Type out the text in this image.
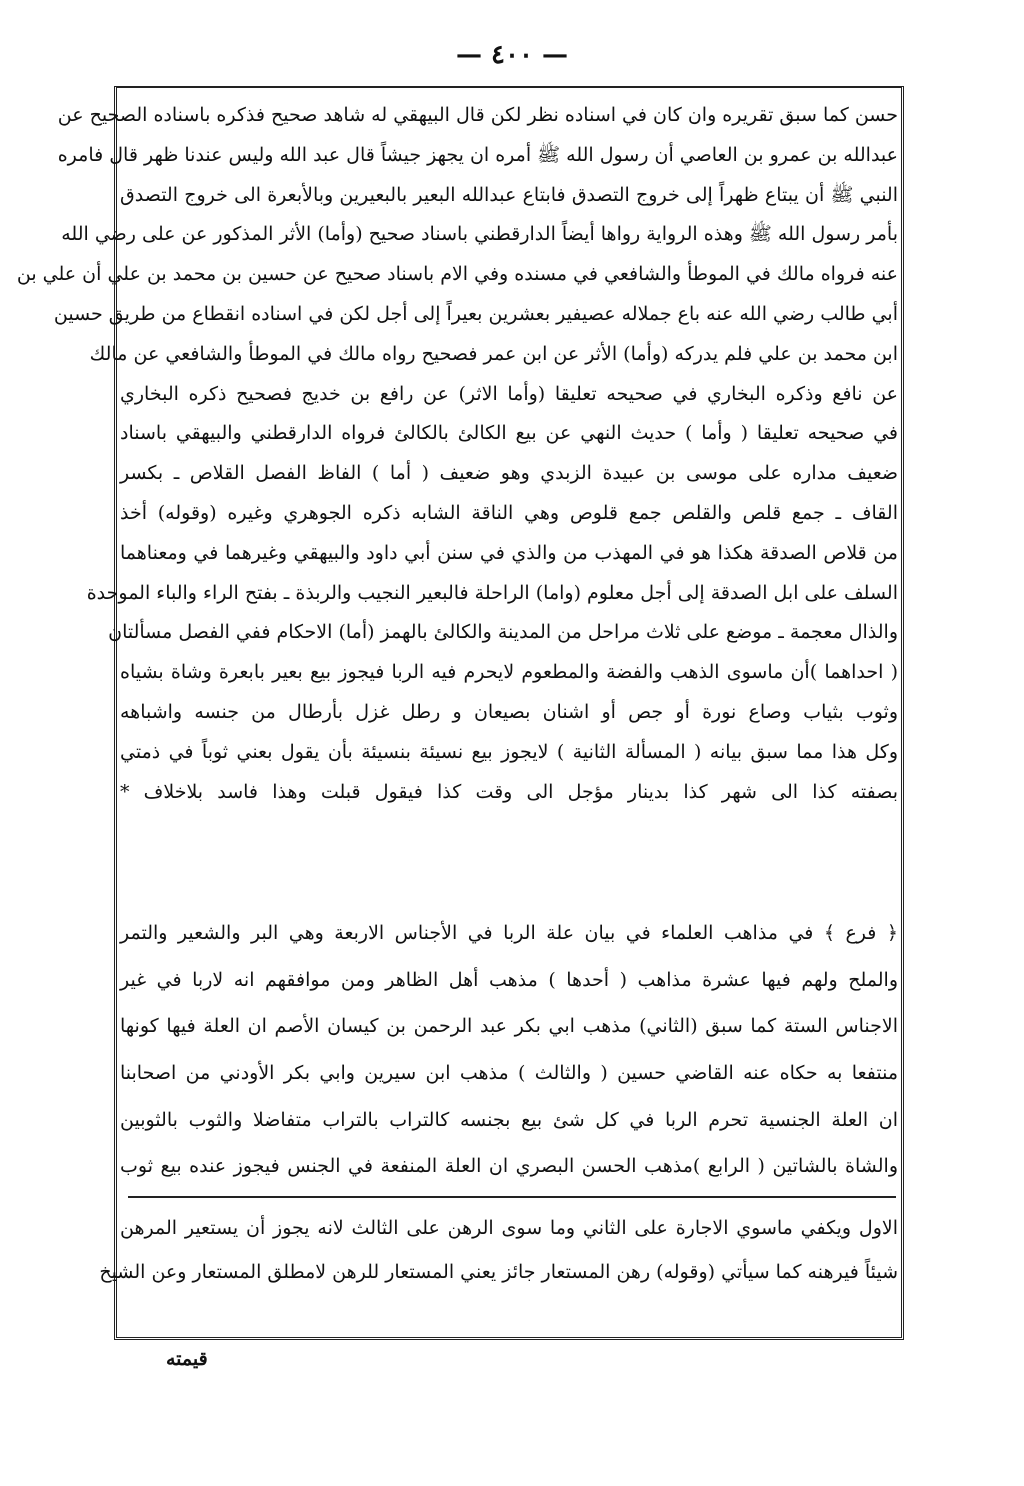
— ٤٠٠ —
حسن كما سبق تقريره وان كان في اسناده نظر لكن قال البيهقي له شاهد صحيح فذكره باسناده الصحيح عن
عبدالله بن عمرو بن العاصي أن رسول الله ﷺ أمره ان يجهز جيشاً قال عبد الله وليس عندنا ظهر قال فامره
النبي ﷺ أن يبتاع ظهراً إلى خروج التصدق فابتاع عبدالله البعير بالبعيرين وبالأبعرة الى خروج التصدق
بأمر رسول الله ﷺ وهذه الرواية رواها أيضاً الدارقطني باسناد صحيح (وأما) الأثر المذكور عن على رضي الله
عنه فرواه مالك في الموطأ والشافعي في مسنده وفي الام باسناد صحيح عن حسين بن محمد بن علي أن علي بن
أبي طالب رضي الله عنه باع جملاله عصيفير بعشرين بعيراً إلى أجل لكن في اسناده انقطاع من طريق حسين
ابن محمد بن علي فلم يدركه (وأما) الأثر عن ابن عمر فصحيح رواه مالك في الموطأ والشافعي عن مالك
عن نافع وذكره البخاري في صحيحه تعليقا (وأما الاثر) عن رافع بن خديج فصحيح ذكره البخاري
في صحيحه تعليقا ( وأما ) حديث النهي عن بيع الكالئ بالكالئ فرواه الدارقطني والبيهقي باسناد
ضعيف مداره على موسى بن عبيدة الزبدي وهو ضعيف ( أما ) الفاظ الفصل القلاص ـ بكسر
القاف ـ جمع قلص والقلص جمع قلوص وهي الناقة الشابه ذكره الجوهري وغيره (وقوله) أخذ
من قلاص الصدقة هكذا هو في المهذب من والذي في سنن أبي داود والبيهقي وغيرهما في ومعناهما
السلف على ابل الصدقة إلى أجل معلوم (واما) الراحلة فالبعير النجيب والربذة ـ بفتح الراء والباء الموحدة
والذال معجمة ـ موضع على ثلاث مراحل من المدينة والكالئ بالهمز (أما) الاحكام ففي الفصل مسألتان
( احداهما )أن ماسوى الذهب والفضة والمطعوم لايحرم فيه الربا فيجوز بيع بعير بابعرة وشاة بشياه
وثوب بثياب وصاع نورة أو جص أو اشنان بصيعان و رطل غزل بأرطال من جنسه واشباهه
وكل هذا مما سبق بيانه ( المسألة الثانية ) لايجوز بيع نسيئة بنسيئة بأن يقول بعني ثوباً في ذمتي
بصفته كذا الى شهر كذا بدينار مؤجل الى وقت كذا فيقول قبلت وهذا فاسد بلاخلاف *
﴿ فرع ﴾ في مذاهب العلماء في بيان علة الربا في الأجناس الاربعة وهي البر والشعير والتمر
والملح ولهم فيها عشرة مذاهب ( أحدها ) مذهب أهل الظاهر ومن موافقهم انه لاربا في غير
الاجناس الستة كما سبق (الثاني) مذهب ابي بكر عبد الرحمن بن كيسان الأصم ان العلة فيها كونها
منتفعا به حكاه عنه القاضي حسين ( والثالث ) مذهب ابن سيرين وابي بكر الأودني من اصحابنا
ان العلة الجنسية تحرم الربا في كل شئ بيع بجنسه كالتراب بالتراب متفاضلا والثوب بالثوبين
والشاة بالشاتين ( الرابع )مذهب الحسن البصري ان العلة المنفعة في الجنس فيجوز عنده بيع ثوب
الاول ويكفي ماسوي الاجارة على الثاني وما سوى الرهن على الثالث لانه يجوز أن يستعير المرهن
شيئاً فيرهنه كما سيأتي (وقوله) رهن المستعار جائز يعني المستعار للرهن لامطلق المستعار وعن الشيخ
قيمته
